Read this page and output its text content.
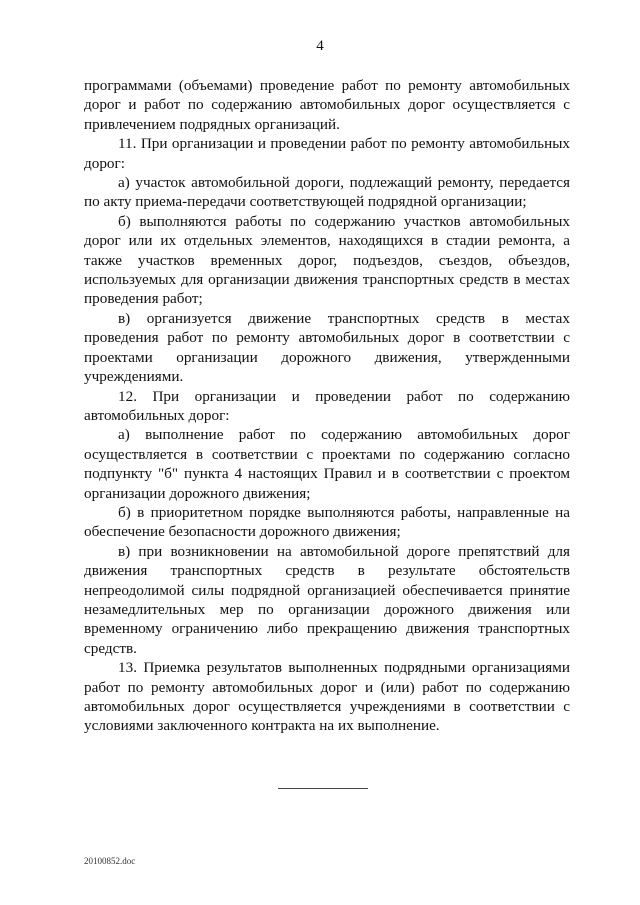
4

программами (объемами) проведение работ по ремонту автомобильных дорог и работ по содержанию автомобильных дорог осуществляется с привлечением подрядных организаций.

11. При организации и проведении работ по ремонту автомобильных дорог:

а) участок автомобильной дороги, подлежащий ремонту, передается по акту приема-передачи соответствующей подрядной организации;

б) выполняются работы по содержанию участков автомобильных дорог или их отдельных элементов, находящихся в стадии ремонта, а также участков временных дорог, подъездов, съездов, объездов, используемых для организации движения транспортных средств в местах проведения работ;

в) организуется движение транспортных средств в местах проведения работ по ремонту автомобильных дорог в соответствии с проектами организации дорожного движения, утвержденными учреждениями.

12. При организации и проведении работ по содержанию автомобильных дорог:

а) выполнение работ по содержанию автомобильных дорог осуществляется в соответствии с проектами по содержанию согласно подпункту "б" пункта 4 настоящих Правил и в соответствии с проектом организации дорожного движения;

б) в приоритетном порядке выполняются работы, направленные на обеспечение безопасности дорожного движения;

в) при возникновении на автомобильной дороге препятствий для движения транспортных средств в результате обстоятельств непреодолимой силы подрядной организацией обеспечивается принятие незамедлительных мер по организации дорожного движения или временному ограничению либо прекращению движения транспортных средств.

13. Приемка результатов выполненных подрядными организациями работ по ремонту автомобильных дорог и (или) работ по содержанию автомобильных дорог осуществляется учреждениями в соответствии с условиями заключенного контракта на их выполнение.

20100852.doc
